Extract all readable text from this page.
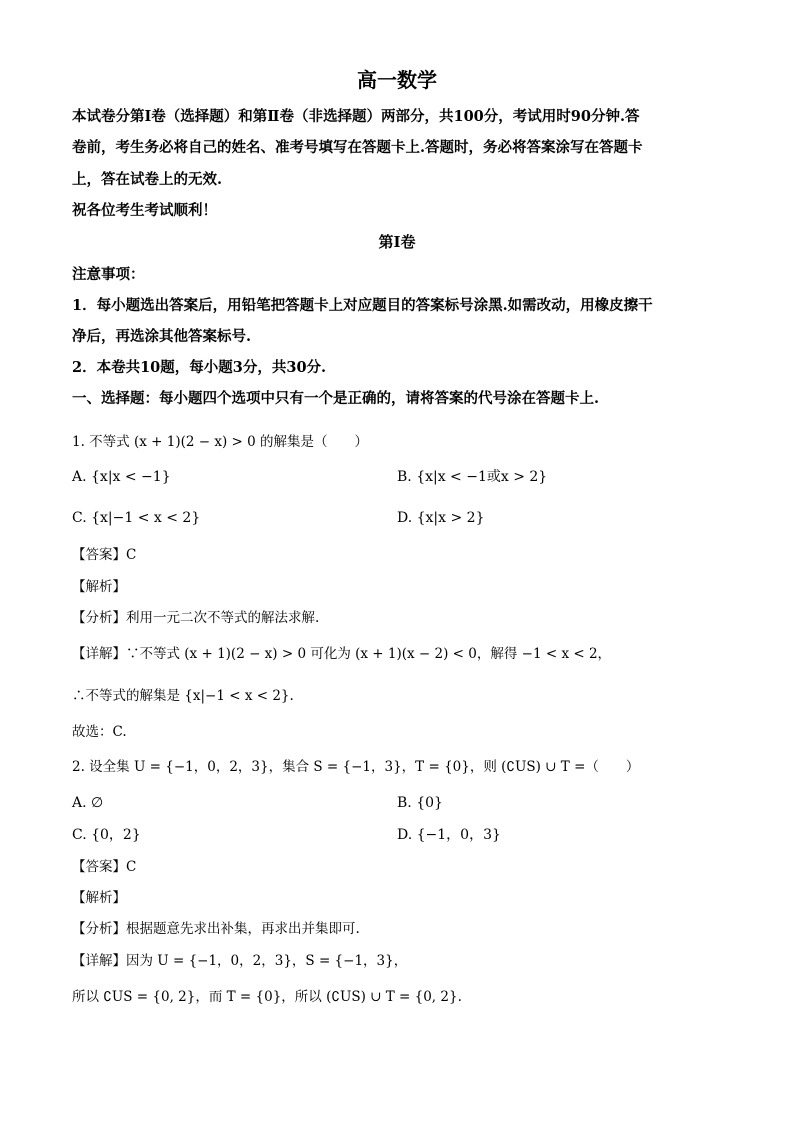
高一数学
本试卷分第Ⅰ卷（选择题）和第Ⅱ卷（非选择题）两部分，共100分，考试用时90分钟.答
卷前，考生务必将自己的姓名、准考号填写在答题卡上.答题时，务必将答案涂写在答题卡
上，答在试卷上的无效.
祝各位考生考试顺利！
第Ⅰ卷
注意事项：
1．每小题选出答案后，用铅笔把答题卡上对应题目的答案标号涂黑.如需改动，用橡皮擦干
净后，再选涂其他答案标号.
2．本卷共10题，每小题3分，共30分.
一、选择题：每小题四个选项中只有一个是正确的，请将答案的代号涂在答题卡上.
1. 不等式 (x + 1)(2 − x) > 0 的解集是（　　）
A. {x|x < −1}	B. {x|x < −1或x > 2}
C. {x|−1 < x < 2}	D. {x|x > 2}
【答案】C
【解析】
【分析】利用一元二次不等式的解法求解.
【详解】∵不等式 (x + 1)(2 − x) > 0 可化为 (x + 1)(x − 2) < 0，解得 −1 < x < 2，
∴不等式的解集是 {x|−1 < x < 2}.
故选：C.
2. 设全集 U = {−1，0，2，3}，集合 S = {−1，3}，T = {0}，则 (∁US) ∪ T =（　　）
A. ∅	B. {0}
C. {0，2}	D. {−1，0，3}
【答案】C
【解析】
【分析】根据题意先求出补集，再求出并集即可.
【详解】因为 U = {−1，0，2，3}，S = {−1，3}，
所以 ∁US = {0, 2}，而 T = {0}，所以 (∁US) ∪ T = {0, 2}.
